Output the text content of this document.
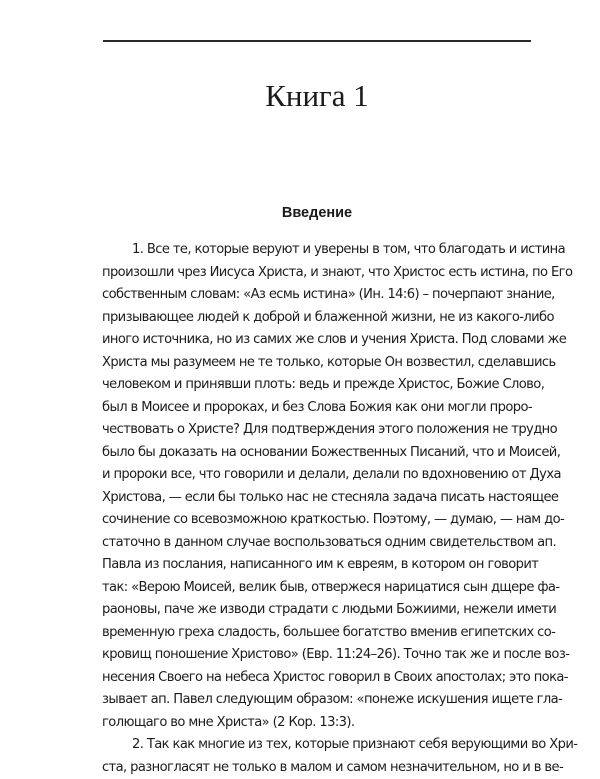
Книга 1
Введение
1. Все те, которые веруют и уверены в том, что благодать и истина
произошли чрез Иисуса Христа, и знают, что Христос есть истина, по Его
собственным словам: «Аз есмь истина» (Ин. 14:6) – почерпают знание,
призывающее людей к доброй и блаженной жизни, не из какого-либо
иного источника, но из самих же слов и учения Христа. Под словами же
Христа мы разумеем не те только, которые Он возвестил, сделавшись
человеком и принявши плоть: ведь и прежде Христос, Божие Слово,
был в Моисее и пророках, и без Слова Божия как они могли проро-
чествовать о Христе? Для подтверждения этого положения не трудно
было бы доказать на основании Божественных Писаний, что и Моисей,
и пророки все, что говорили и делали, делали по вдохновению от Духа
Христова, — если бы только нас не стесняла задача писать настоящее
сочинение со всевозможною краткостью. Поэтому, — думаю, — нам до-
статочно в данном случае воспользоваться одним свидетельством ап.
Павла из послания, написанного им к евреям, в котором он говорит
так: «Верою Моисей, велик быв, отвержеся нарицатися сын дщере фа-
раоновы, паче же изводи страдати с людьми Божиими, нежели имети
временную греха сладость, большее богатство вменив египетских со-
кровищ поношение Христово» (Евр. 11:24–26). Точно так же и после воз-
несения Своего на небеса Христос говорил в Своих апостолах; это пока-
зывает ап. Павел следующим образом: «понеже искушения ищете гла-
голющаго во мне Христа» (2 Кор. 13:3).
2. Так как многие из тех, которые признают себя верующими во Хри-
ста, разногласят не только в малом и самом незначительном, но и в ве-
